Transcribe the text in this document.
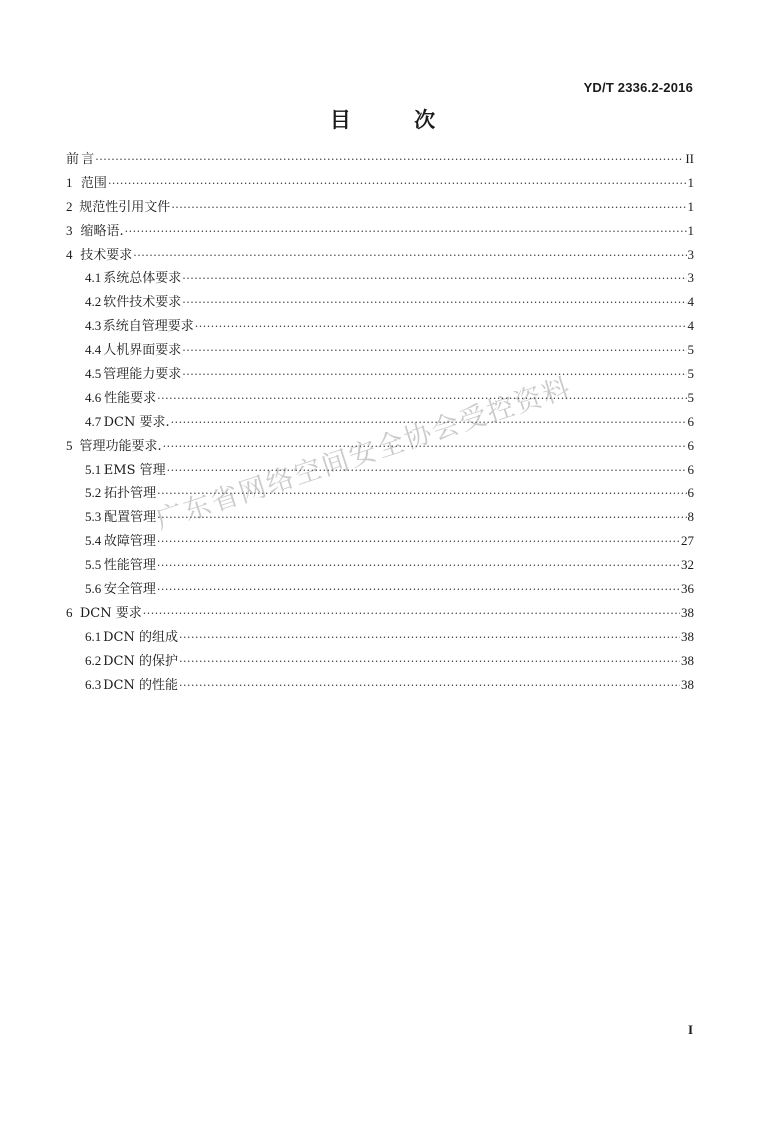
YD/T 2336.2-2016
目 次
前 言 ·····	II
1 范围 ·····	1
2 规范性引用文件 ·····	1
3 缩略语. ·····	1
4 技术要求 ·····	3
4.1 系统总体要求 ·····	3
4.2 软件技术要求 ·····	4
4.3 系统自管理要求 ·····	4
4.4 人机界面要求 ·····	5
4.5 管理能力要求 ·····	5
4.6 性能要求 ·····	5
4.7 DCN 要求. ·····	6
5 管理功能要求. ·····	6
5.1 EMS 管理 ·····	6
5.2 拓扑管理 ·····	6
5.3 配置管理 ·····	8
5.4 故障管理 ·····	27
5.5 性能管理 ·····	32
5.6 安全管理 ·····	36
6 DCN 要求 ·····	38
6.1 DCN 的组成 ·····	38
6.2 DCN 的保护 ·····	38
6.3 DCN 的性能 ·····	38
广东省网络空间安全协会受控资料
I
